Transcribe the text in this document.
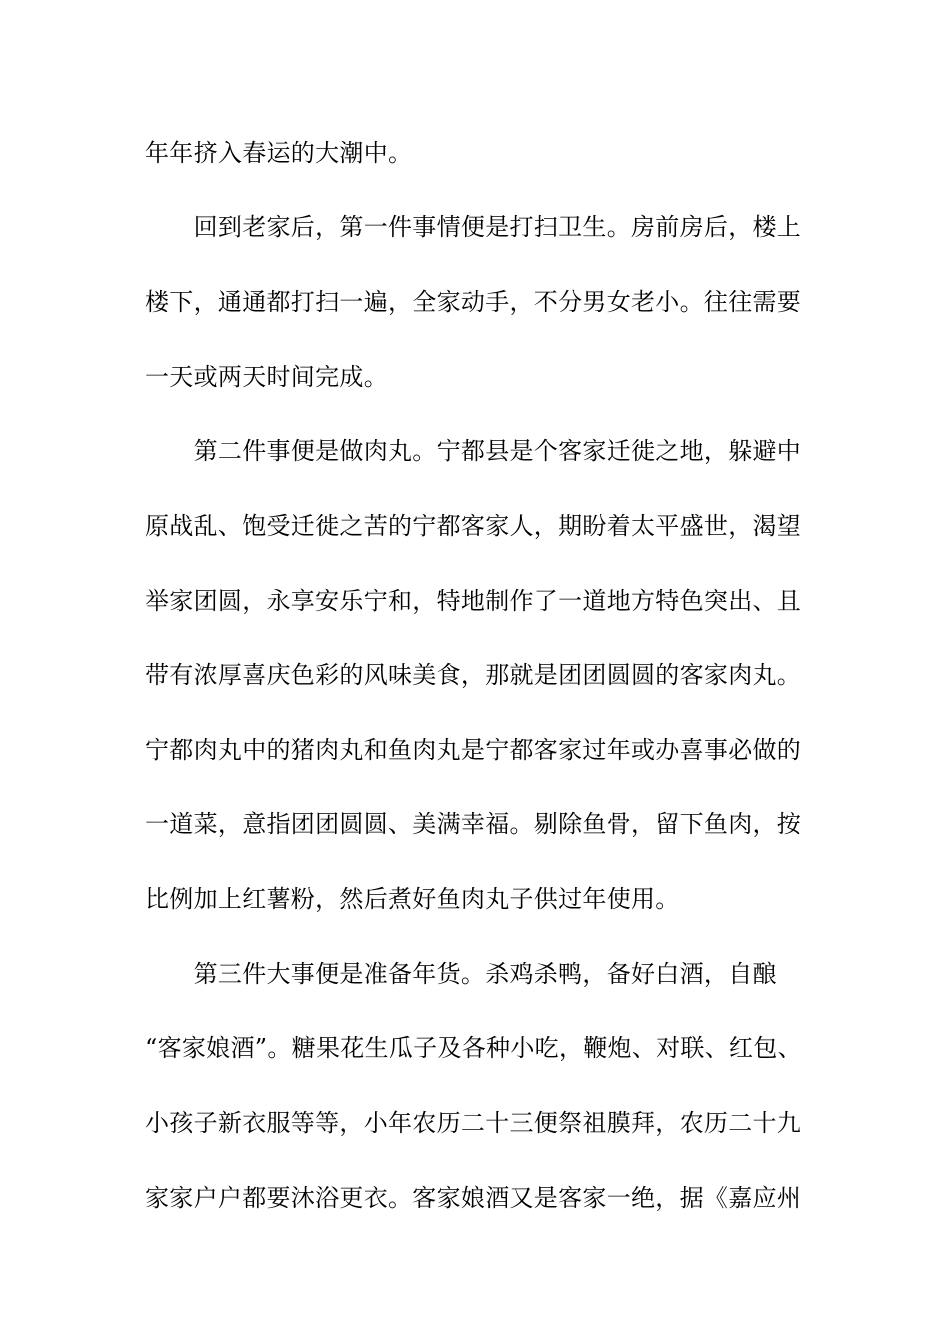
年年挤入春运的大潮中。
　　回到老家后，第一件事情便是打扫卫生。房前房后，楼上
楼下，通通都打扫一遍，全家动手，不分男女老小。往往需要
一天或两天时间完成。
　　第二件事便是做肉丸。宁都县是个客家迁徙之地，躲避中
原战乱、饱受迁徙之苦的宁都客家人，期盼着太平盛世，渴望
举家团圆，永享安乐宁和，特地制作了一道地方特色突出、且
带有浓厚喜庆色彩的风味美食，那就是团团圆圆的客家肉丸。
宁都肉丸中的猪肉丸和鱼肉丸是宁都客家过年或办喜事必做的
一道菜，意指团团圆圆、美满幸福。剔除鱼骨，留下鱼肉，按
比例加上红薯粉，然后煮好鱼肉丸子供过年使用。
　　第三件大事便是准备年货。杀鸡杀鸭，备好白酒，自酿
“客家娘酒”。糖果花生瓜子及各种小吃，鞭炮、对联、红包、
小孩子新衣服等等，小年农历二十三便祭祖膜拜，农历二十九
家家户户都要沐浴更衣。客家娘酒又是客家一绝，据《嘉应州
